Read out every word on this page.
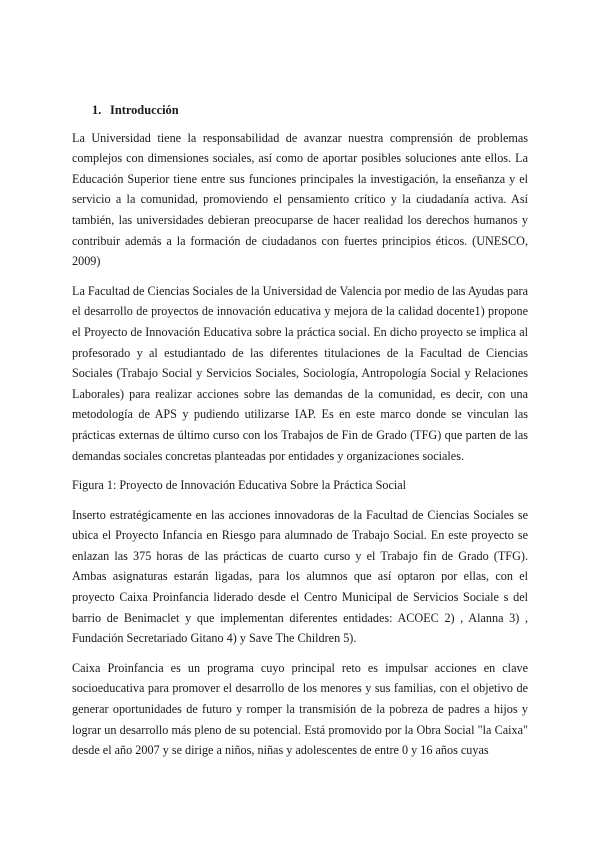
1. Introducción

La Universidad tiene la responsabilidad de avanzar nuestra comprensión de problemas complejos con dimensiones sociales, así como de aportar posibles soluciones ante ellos. La Educación Superior tiene entre sus funciones principales la investigación, la enseñanza y el servicio a la comunidad, promoviendo el pensamiento crítico y la ciudadanía activa. Así también, las universidades debieran preocuparse de hacer realidad los derechos humanos y contribuir además a la formación de ciudadanos con fuertes principios éticos. (UNESCO, 2009)

La Facultad de Ciencias Sociales de la Universidad de Valencia por medio de las Ayudas para el desarrollo de proyectos de innovación educativa y mejora de la calidad docente1) propone el Proyecto de Innovación Educativa sobre la práctica social. En dicho proyecto se implica al profesorado y al estudiantado de las diferentes titulaciones de la Facultad de Ciencias Sociales (Trabajo Social y Servicios Sociales, Sociología, Antropología Social y Relaciones Laborales) para realizar acciones sobre las demandas de la comunidad, es decir, con una metodología de APS y pudiendo utilizarse IAP. Es en este marco donde se vinculan las prácticas externas de último curso con los Trabajos de Fin de Grado (TFG) que parten de las demandas sociales concretas planteadas por entidades y organizaciones sociales.

Figura 1: Proyecto de Innovación Educativa Sobre la Práctica Social

Inserto estratégicamente en las acciones innovadoras de la Facultad de Ciencias Sociales se ubica el Proyecto Infancia en Riesgo para alumnado de Trabajo Social. En este proyecto se enlazan las 375 horas de las prácticas de cuarto curso y el Trabajo fin de Grado (TFG). Ambas asignaturas estarán ligadas, para los alumnos que así optaron por ellas, con el proyecto Caixa Proinfancia liderado desde el Centro Municipal de Servicios Sociale s del barrio de Benimaclet y que implementan diferentes entidades: ACOEC 2) , Alanna 3) , Fundación Secretariado Gitano 4) y Save The Children 5).

Caixa Proinfancia es un programa cuyo principal reto es impulsar acciones en clave socioeducativa para promover el desarrollo de los menores y sus familias, con el objetivo de generar oportunidades de futuro y romper la transmisión de la pobreza de padres a hijos y lograr un desarrollo más pleno de su potencial. Está promovido por la Obra Social "la Caixa" desde el año 2007 y se dirige a niños, niñas y adolescentes de entre 0 y 16 años cuyas
